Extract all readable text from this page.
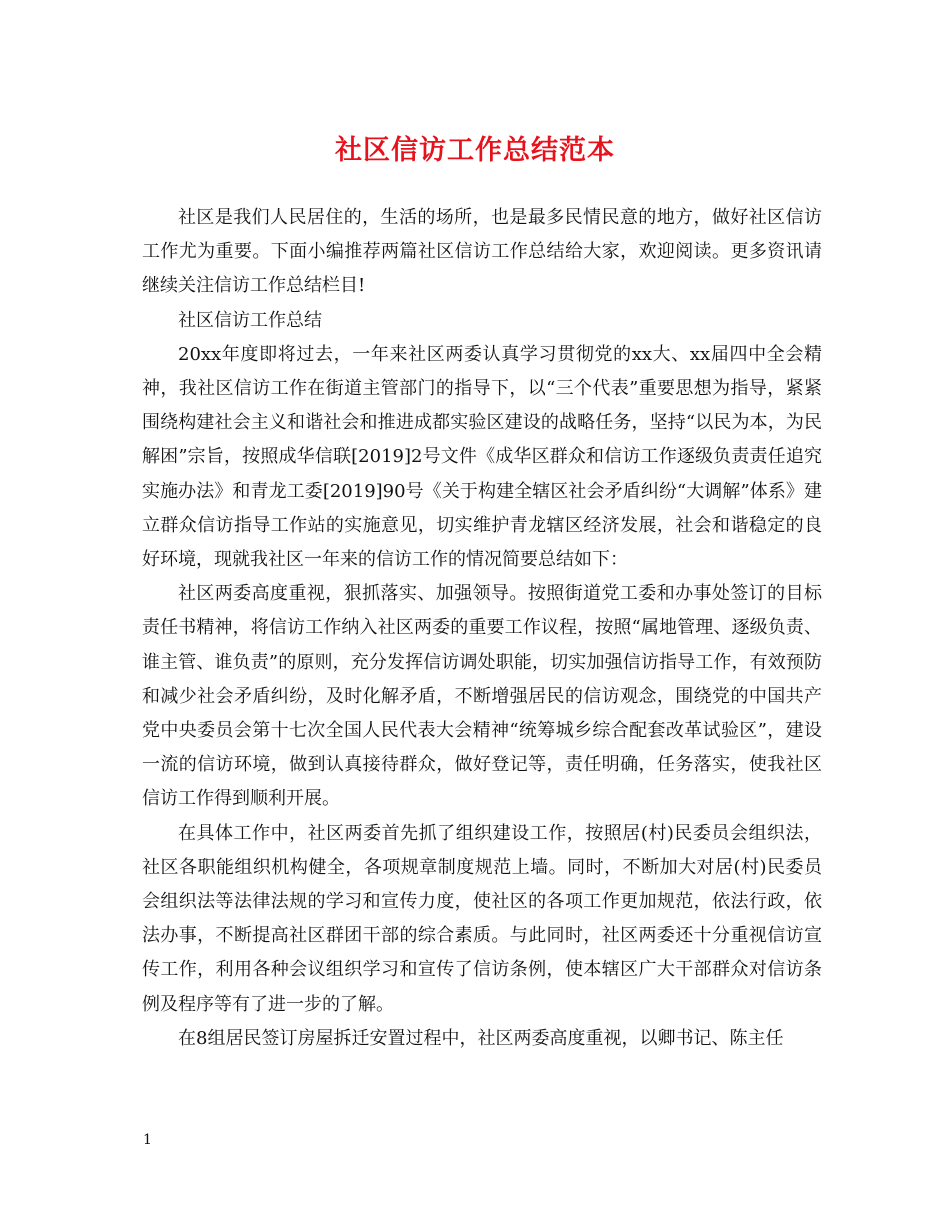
社区信访工作总结范本

社区是我们人民居住的，生活的场所，也是最多民情民意的地方，做好社区信访工作尤为重要。下面小编推荐两篇社区信访工作总结给大家，欢迎阅读。更多资讯请继续关注信访工作总结栏目!

社区信访工作总结

20xx年度即将过去，一年来社区两委认真学习贯彻党的xx大、xx届四中全会精神，我社区信访工作在街道主管部门的指导下，以“三个代表”重要思想为指导，紧紧围绕构建社会主义和谐社会和推进成都实验区建设的战略任务，坚持“以民为本，为民解困”宗旨，按照成华信联[2019]2号文件《成华区群众和信访工作逐级负责责任追究实施办法》和青龙工委[2019]90号《关于构建全辖区社会矛盾纠纷“大调解”体系》建立群众信访指导工作站的实施意见，切实维护青龙辖区经济发展，社会和谐稳定的良好环境，现就我社区一年来的信访工作的情况简要总结如下：

社区两委高度重视，狠抓落实、加强领导。按照街道党工委和办事处签订的目标责任书精神，将信访工作纳入社区两委的重要工作议程，按照“属地管理、逐级负责、谁主管、谁负责”的原则，充分发挥信访调处职能，切实加强信访指导工作，有效预防和减少社会矛盾纠纷，及时化解矛盾，不断增强居民的信访观念，围绕党的中国共产党中央委员会第十七次全国人民代表大会精神“统筹城乡综合配套改革试验区”，建设一流的信访环境，做到认真接待群众，做好登记等，责任明确，任务落实，使我社区信访工作得到顺利开展。

在具体工作中，社区两委首先抓了组织建设工作，按照居(村)民委员会组织法，社区各职能组织机构健全，各项规章制度规范上墙。同时，不断加大对居(村)民委员会组织法等法律法规的学习和宣传力度，使社区的各项工作更加规范，依法行政，依法办事，不断提高社区群团干部的综合素质。与此同时，社区两委还十分重视信访宣传工作，利用各种会议组织学习和宣传了信访条例，使本辖区广大干部群众对信访条例及程序等有了进一步的了解。

在8组居民签订房屋拆迁安置过程中，社区两委高度重视，以卿书记、陈主任

1
